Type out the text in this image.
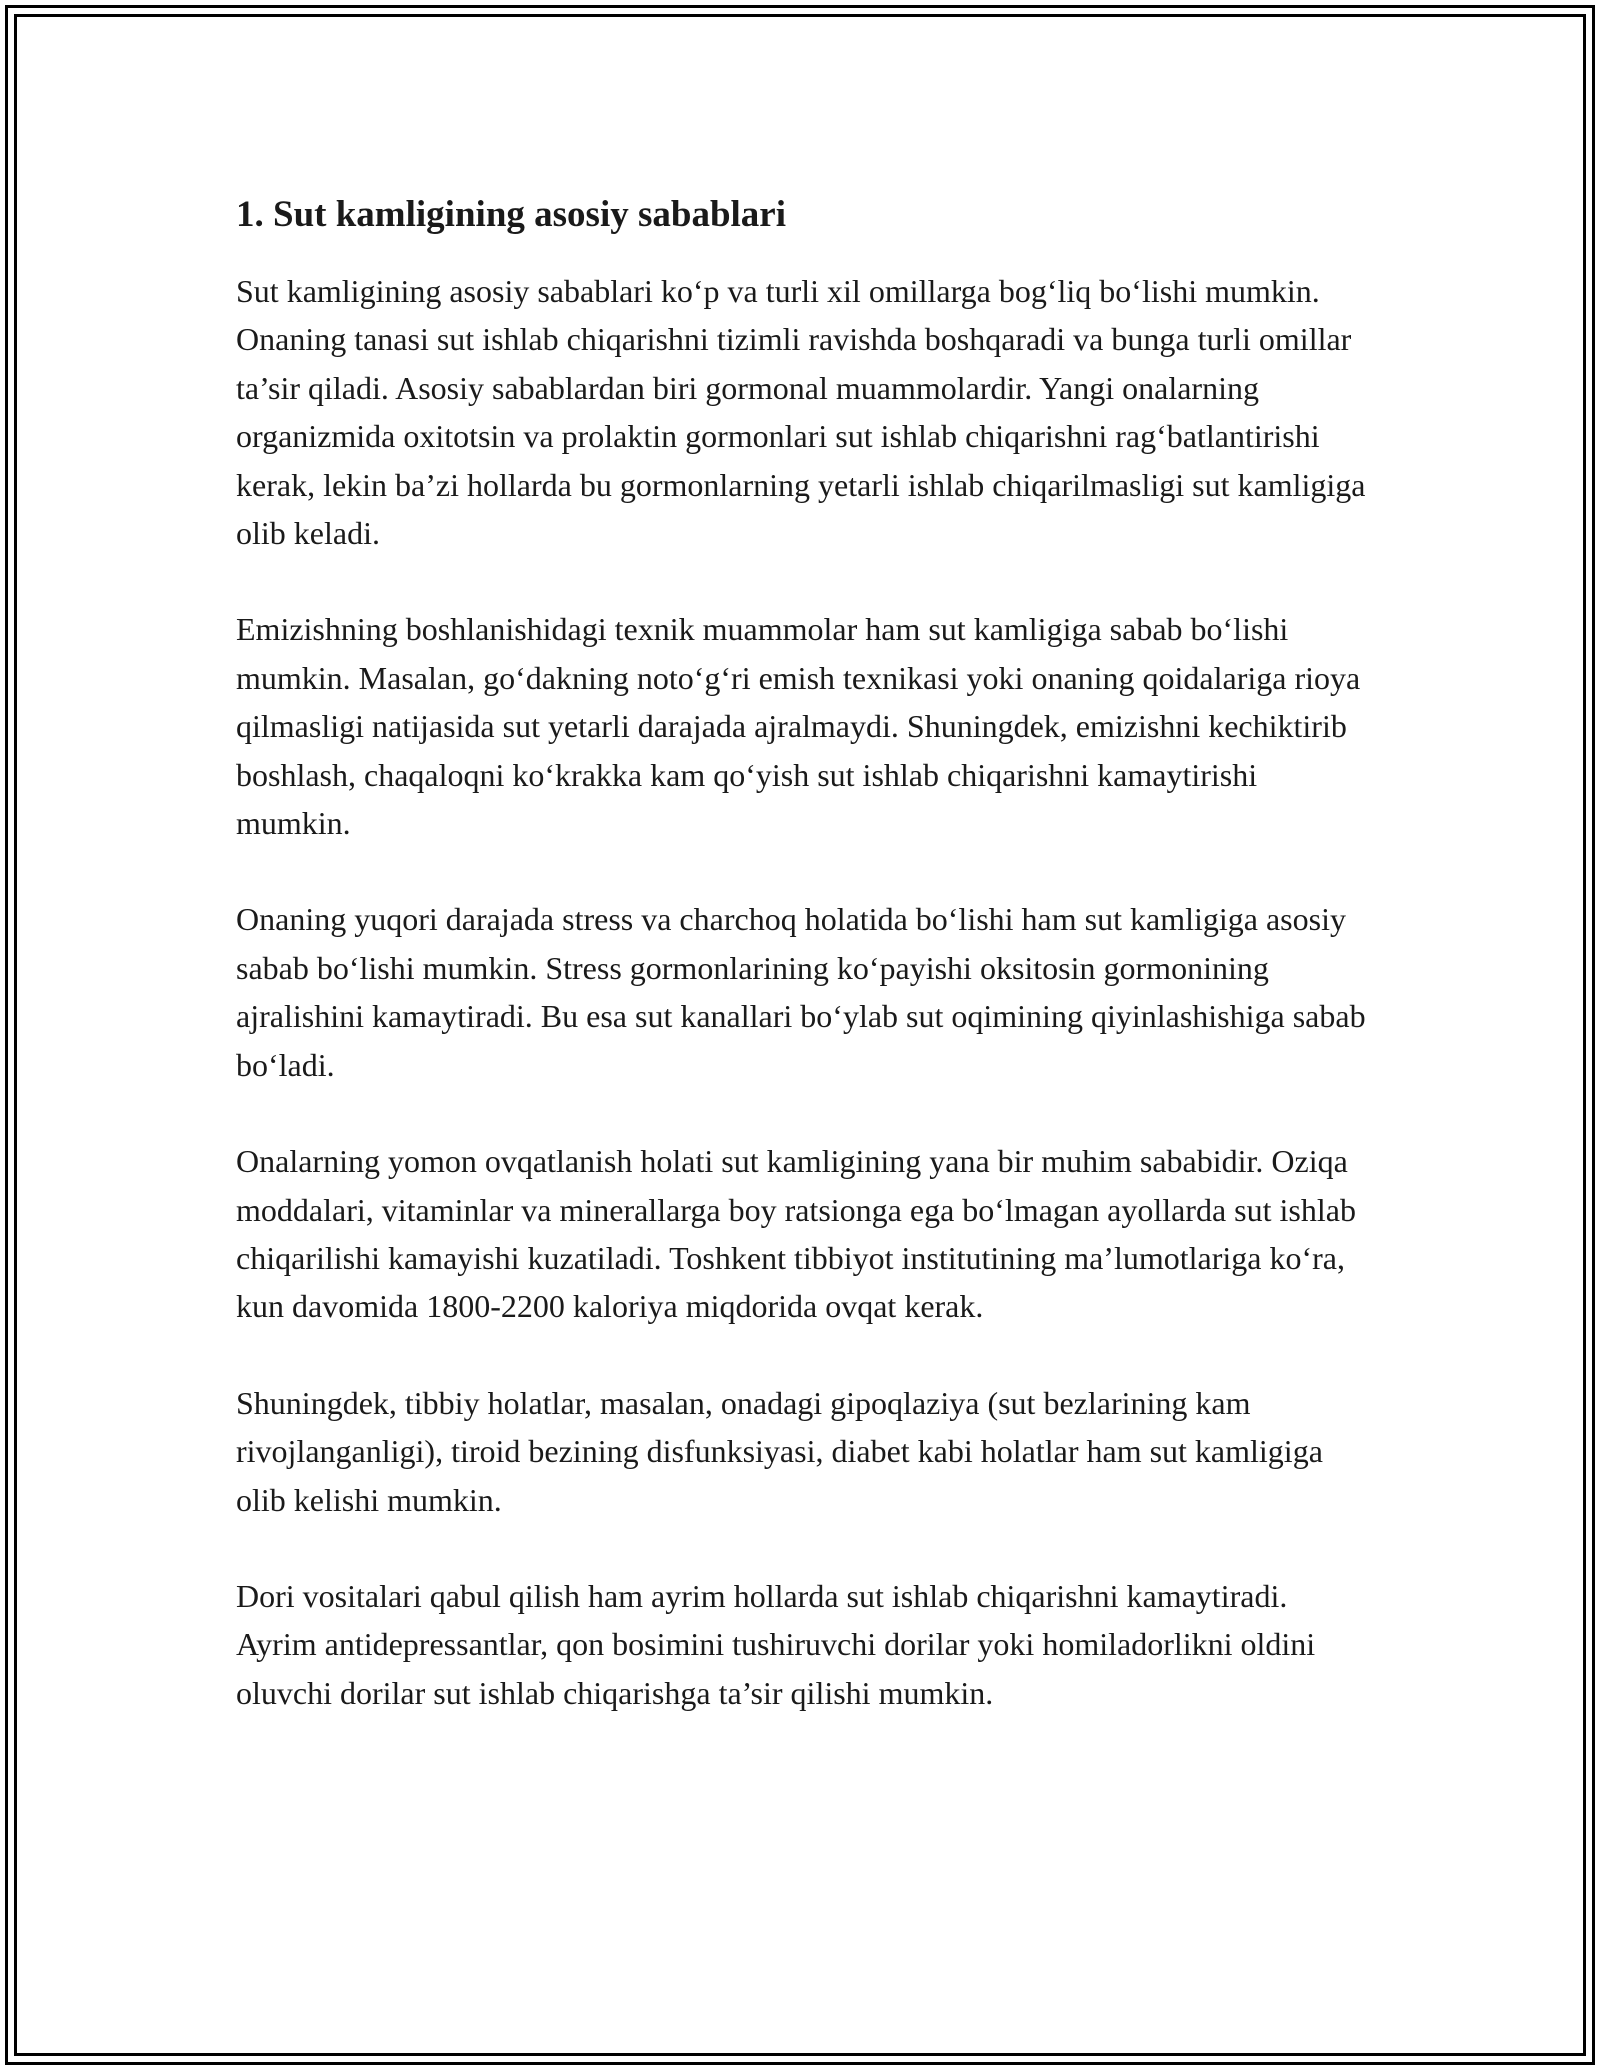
1. Sut kamligining asosiy sabablari

Sut kamligining asosiy sabablari ko‘p va turli xil omillarga bog‘liq bo‘lishi mumkin. Onaning tanasi sut ishlab chiqarishni tizimli ravishda boshqaradi va bunga turli omillar ta’sir qiladi. Asosiy sabablardan biri gormonal muammolardir. Yangi onalarning organizmida oxitotsin va prolaktin gormonlari sut ishlab chiqarishni rag‘batlantirishi kerak, lekin ba’zi hollarda bu gormonlarning yetarli ishlab chiqarilmasligi sut kamligiga olib keladi.

Emizishning boshlanishidagi texnik muammolar ham sut kamligiga sabab bo‘lishi mumkin. Masalan, go‘dakning noto‘g‘ri emish texnikasi yoki onaning qoidalariga rioya qilmasligi natijasida sut yetarli darajada ajralmaydi. Shuningdek, emizishni kechiktirib boshlash, chaqaloqni ko‘krakka kam qo‘yish sut ishlab chiqarishni kamaytirishi mumkin.

Onaning yuqori darajada stress va charchoq holatida bo‘lishi ham sut kamligiga asosiy sabab bo‘lishi mumkin. Stress gormonlarining ko‘payishi oksitosin gormonining ajralishini kamaytiradi. Bu esa sut kanallari bo‘ylab sut oqimining qiyinlashishiga sabab bo‘ladi.

Onalarning yomon ovqatlanish holati sut kamligining yana bir muhim sababidir. Oziqa moddalari, vitaminlar va minerallarga boy ratsionga ega bo‘lmagan ayollarda sut ishlab chiqarilishi kamayishi kuzatiladi. Toshkent tibbiyot institutining ma’lumotlariga ko‘ra, kun davomida 1800-2200 kaloriya miqdorida ovqat kerak.

Shuningdek, tibbiy holatlar, masalan, onadagi gipoqlaziya (sut bezlarining kam rivojlanganligi), tiroid bezining disfunksiyasi, diabet kabi holatlar ham sut kamligiga olib kelishi mumkin.

Dori vositalari qabul qilish ham ayrim hollarda sut ishlab chiqarishni kamaytiradi. Ayrim antidepressantlar, qon bosimini tushiruvchi dorilar yoki homiladorlikni oldini oluvchi dorilar sut ishlab chiqarishga ta’sir qilishi mumkin.
